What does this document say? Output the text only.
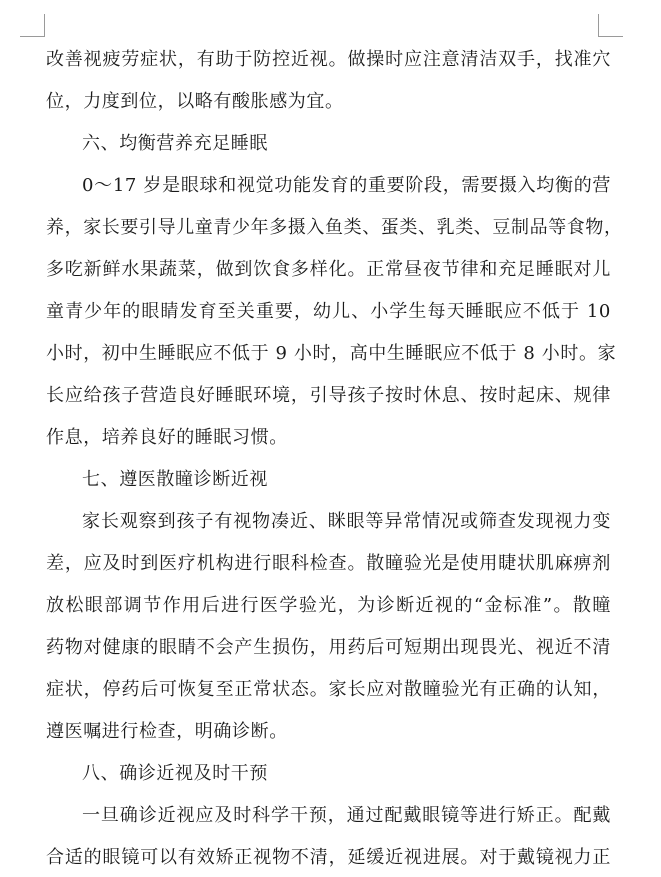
改善视疲劳症状，有助于防控近视。做操时应注意清洁双手，找准穴
位，力度到位，以略有酸胀感为宜。
六、均衡营养充足睡眠
0～17 岁是眼球和视觉功能发育的重要阶段，需要摄入均衡的营
养，家长要引导儿童青少年多摄入鱼类、蛋类、乳类、豆制品等食物，
多吃新鲜水果蔬菜，做到饮食多样化。正常昼夜节律和充足睡眠对儿
童青少年的眼睛发育至关重要，幼儿、小学生每天睡眠应不低于 10
小时，初中生睡眠应不低于 9 小时，高中生睡眠应不低于 8 小时。家
长应给孩子营造良好睡眠环境，引导孩子按时休息、按时起床、规律
作息，培养良好的睡眠习惯。
七、遵医散瞳诊断近视
家长观察到孩子有视物凑近、眯眼等异常情况或筛查发现视力变
差，应及时到医疗机构进行眼科检查。散瞳验光是使用睫状肌麻痹剂
放松眼部调节作用后进行医学验光，为诊断近视的“金标准”。散瞳
药物对健康的眼睛不会产生损伤，用药后可短期出现畏光、视近不清
症状，停药后可恢复至正常状态。家长应对散瞳验光有正确的认知，
遵医嘱进行检查，明确诊断。
八、确诊近视及时干预
一旦确诊近视应及时科学干预，通过配戴眼镜等进行矫正。配戴
合适的眼镜可以有效矫正视物不清，延缓近视进展。对于戴镜视力正
